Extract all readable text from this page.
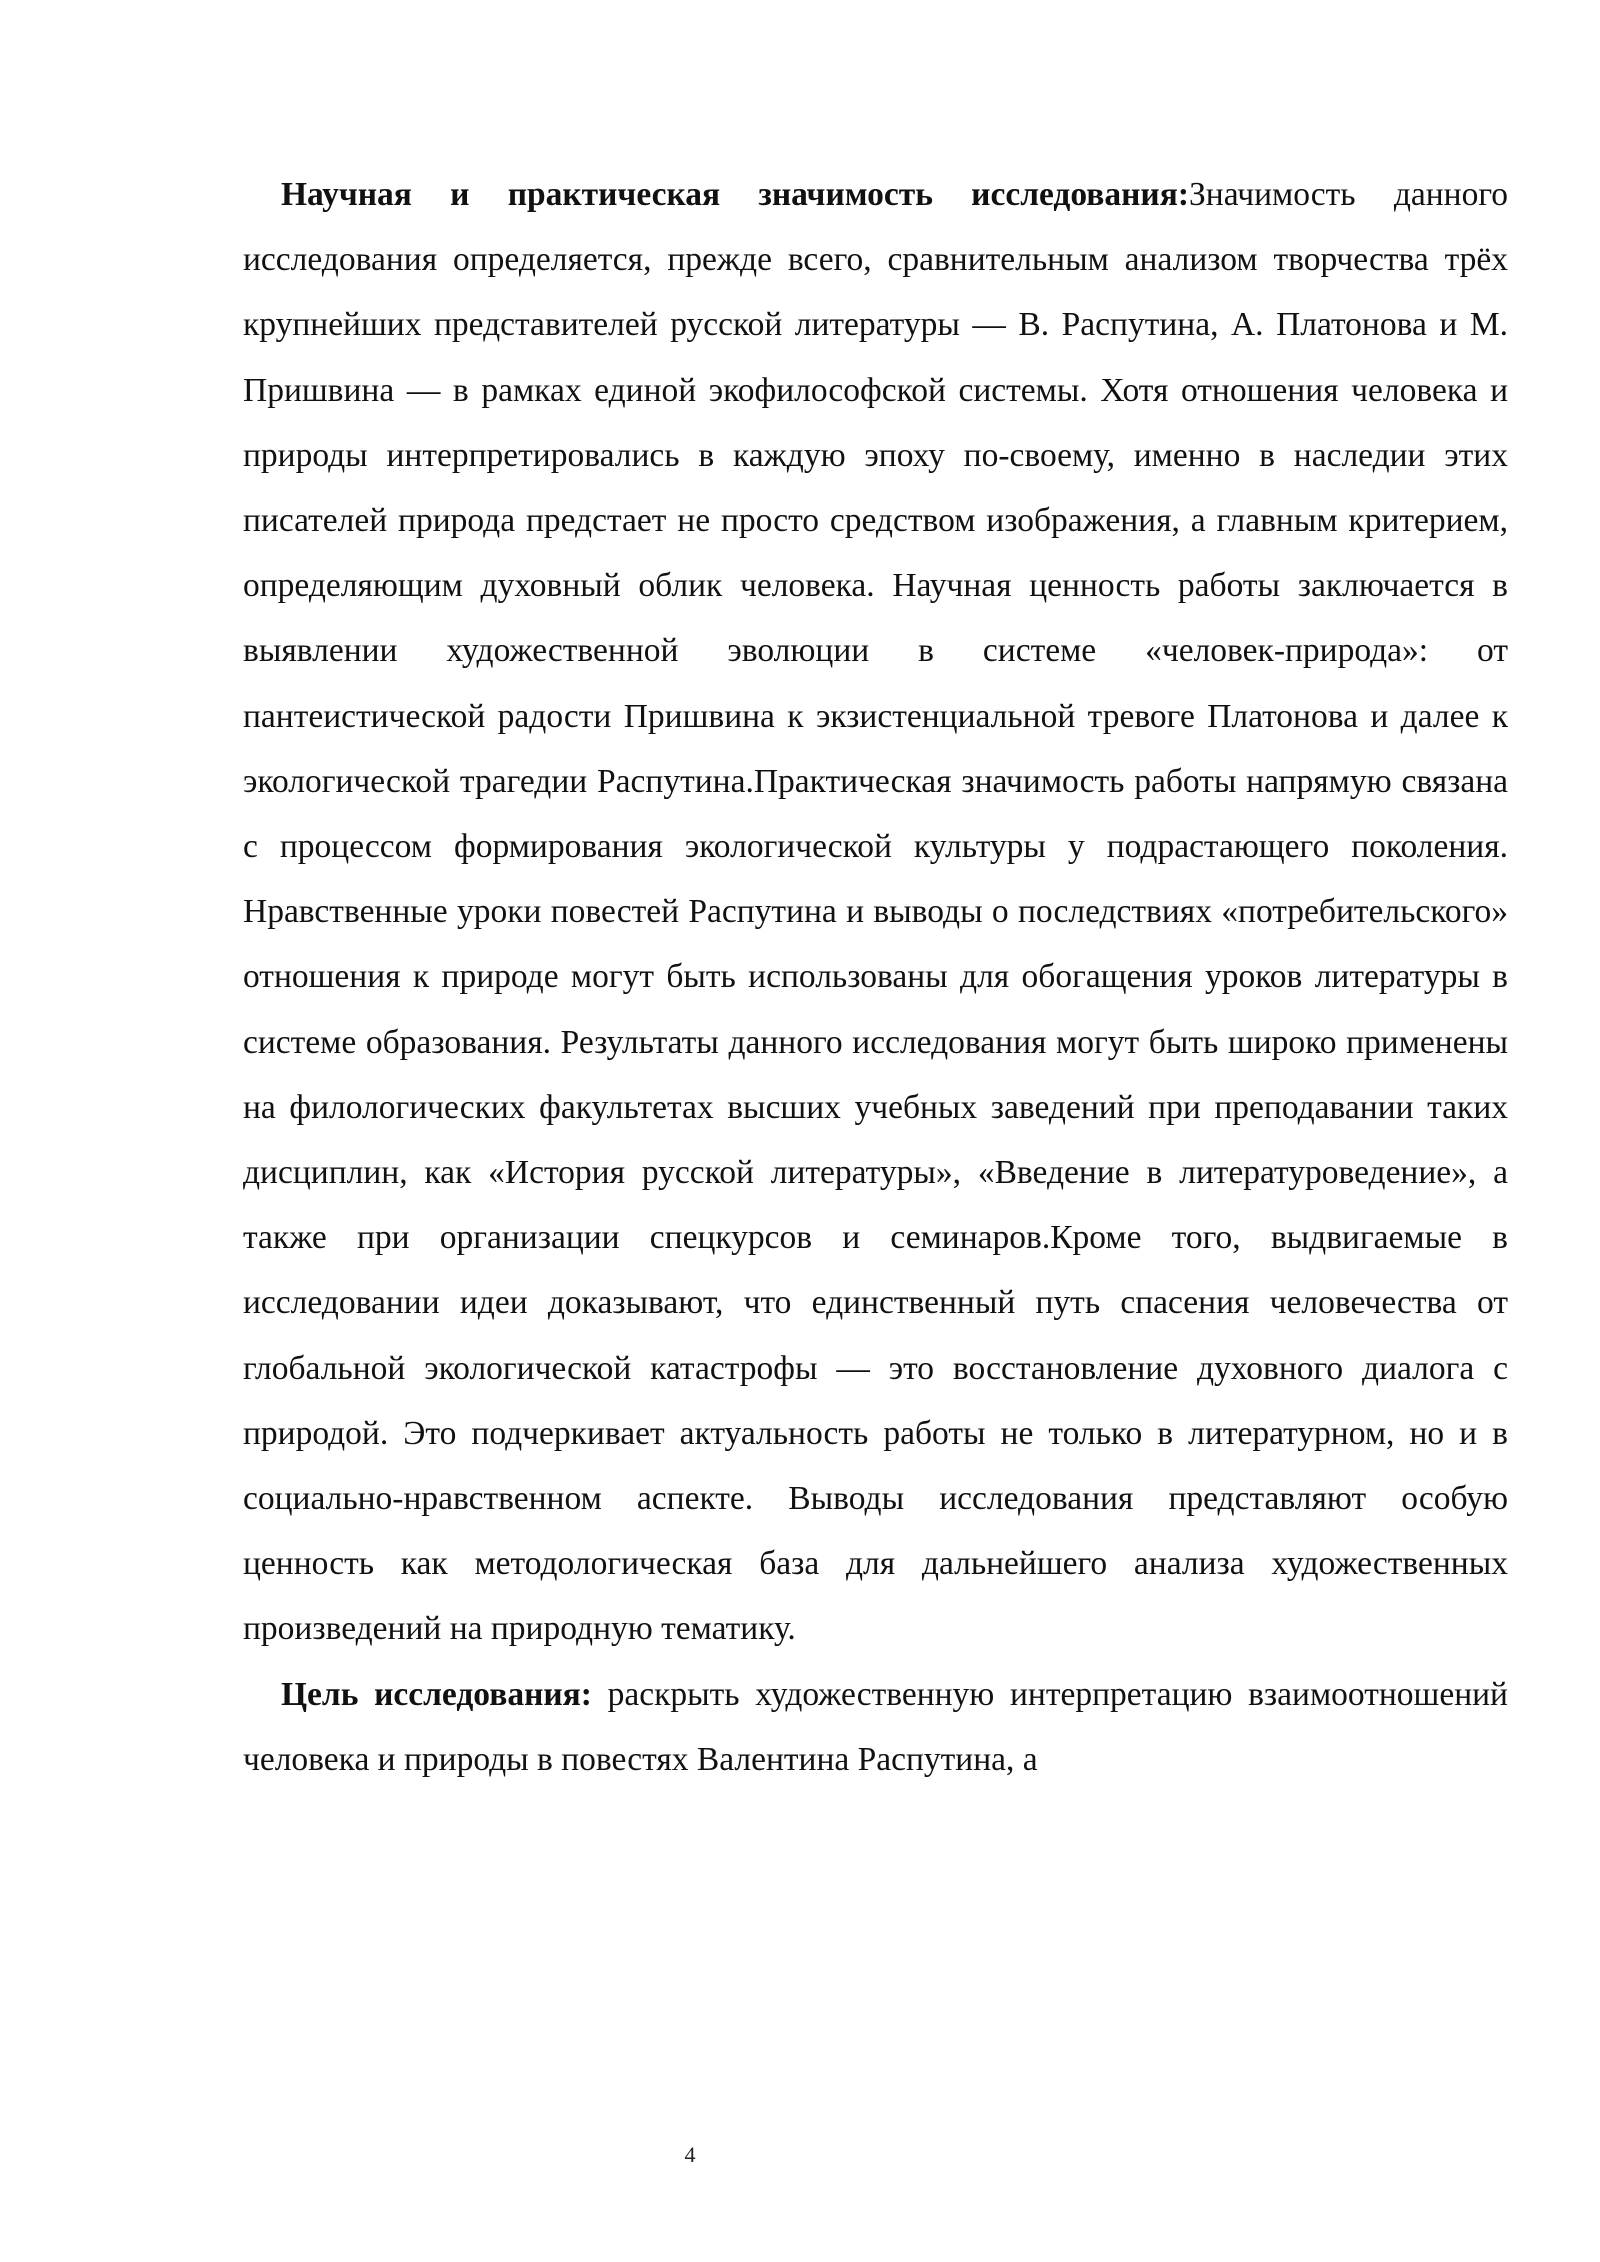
Научная и практическая значимость исследования:Значимость данного исследования определяется, прежде всего, сравнительным анализом творчества трёх крупнейших представителей русской литературы — В. Распутина, А. Платонова и М. Пришвина — в рамках единой экофилософской системы. Хотя отношения человека и природы интерпретировались в каждую эпоху по-своему, именно в наследии этих писателей природа предстает не просто средством изображения, а главным критерием, определяющим духовный облик человека. Научная ценность работы заключается в выявлении художественной эволюции в системе «человек-природа»: от пантеистической радости Пришвина к экзистенциальной тревоге Платонова и далее к экологической трагедии Распутина.Практическая значимость работы напрямую связана с процессом формирования экологической культуры у подрастающего поколения. Нравственные уроки повестей Распутина и выводы о последствиях «потребительского» отношения к природе могут быть использованы для обогащения уроков литературы в системе образования. Результаты данного исследования могут быть широко применены на филологических факультетах высших учебных заведений при преподавании таких дисциплин, как «История русской литературы», «Введение в литературоведение», а также при организации спецкурсов и семинаров.Кроме того, выдвигаемые в исследовании идеи доказывают, что единственный путь спасения человечества от глобальной экологической катастрофы — это восстановление духовного диалога с природой. Это подчеркивает актуальность работы не только в литературном, но и в социально-нравственном аспекте. Выводы исследования представляют особую ценность как методологическая база для дальнейшего анализа художественных произведений на природную тематику.

Цель исследования: раскрыть художественную интерпретацию взаимоотношений человека и природы в повестях Валентина Распутина, а

4
